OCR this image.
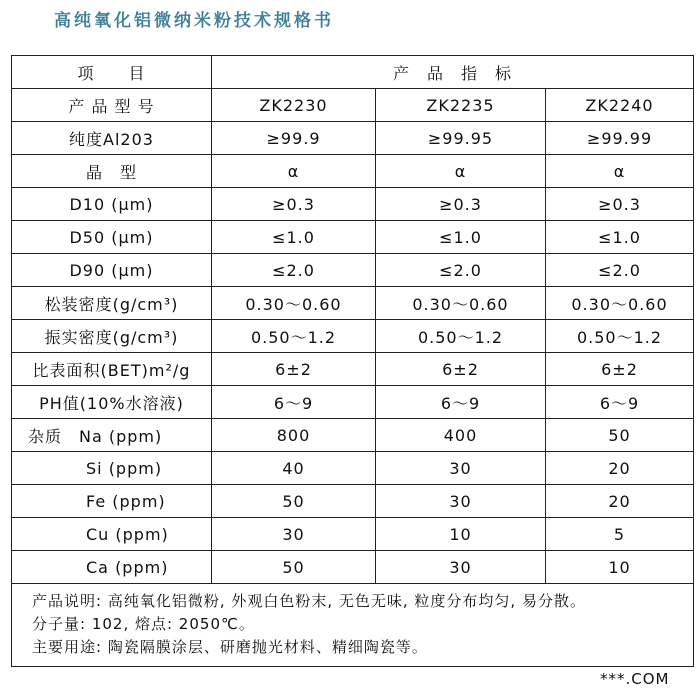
高纯氧化铝微纳米粉技术规格书
项　　目	产　品　指　标		
产 品 型 号	ZK2230	ZK2235	ZK2240
纯度Al203	≥99.9	≥99.95	≥99.99
晶　型	α	α	α
D10 (μm)	≥0.3	≥0.3	≥0.3
D50 (μm)	≤1.0	≤1.0	≤1.0
D90 (μm)	≤2.0	≤2.0	≤2.0
松装密度(g/cm³)	0.30～0.60	0.30～0.60	0.30～0.60
振实密度(g/cm³)	0.50～1.2	0.50～1.2	0.50～1.2
比表面积(BET)m²/g	6±2	6±2	6±2
PH值(10%水溶液)	6～9	6～9	6～9
杂质　Na (ppm)	800	400	50
Si (ppm)	40	30	20
Fe (ppm)	50	30	20
Cu (ppm)	30	10	5
Ca (ppm)	50	30	10

产品说明: 高纯氧化铝微粉, 外观白色粉末, 无色无味, 粒度分布均匀, 易分散。
分子量: 102, 熔点: 2050℃。
主要用途: 陶瓷隔膜涂层、研磨抛光材料、精细陶瓷等。			
***.COM
